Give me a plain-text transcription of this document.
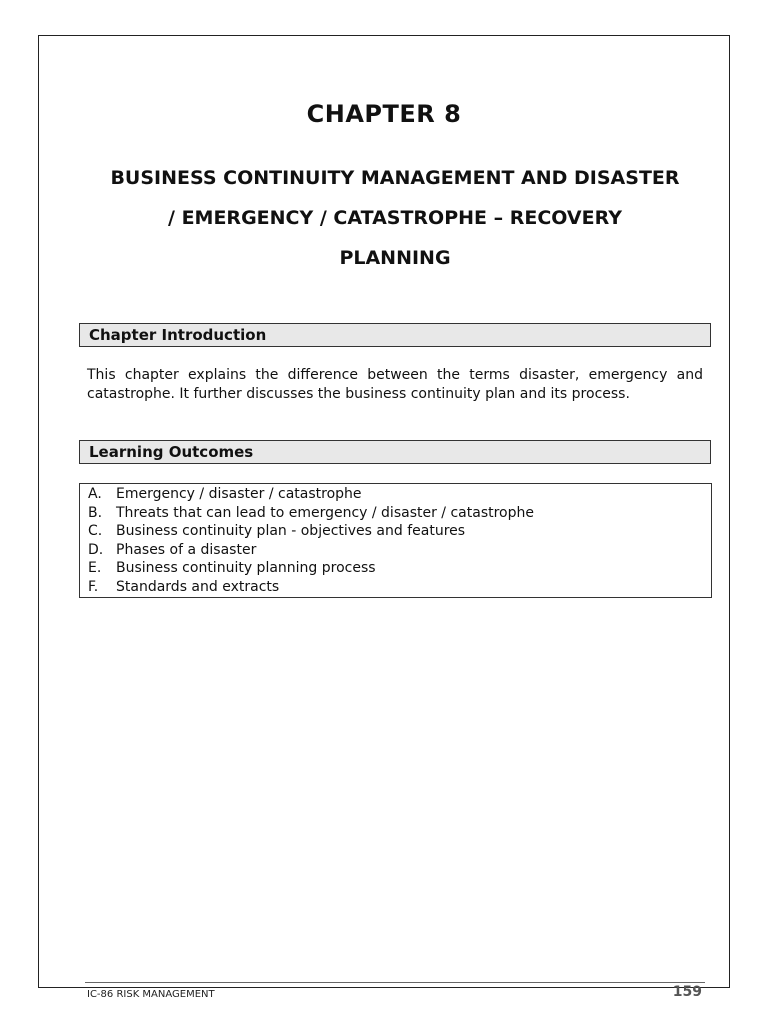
CHAPTER 8
BUSINESS CONTINUITY MANAGEMENT AND DISASTER
/ EMERGENCY / CATASTROPHE – RECOVERY
PLANNING
Chapter Introduction
This chapter explains the difference between the terms disaster, emergency and catastrophe. It further discusses the business continuity plan and its process.
Learning Outcomes
A.	Emergency / disaster / catastrophe
B. Threats that can lead to emergency / disaster / catastrophe
C. Business continuity plan - objectives and features
D. Phases of a disaster
E.	Business continuity planning process
F.	Standards and extracts
IC-86 RISK MANAGEMENT	159
